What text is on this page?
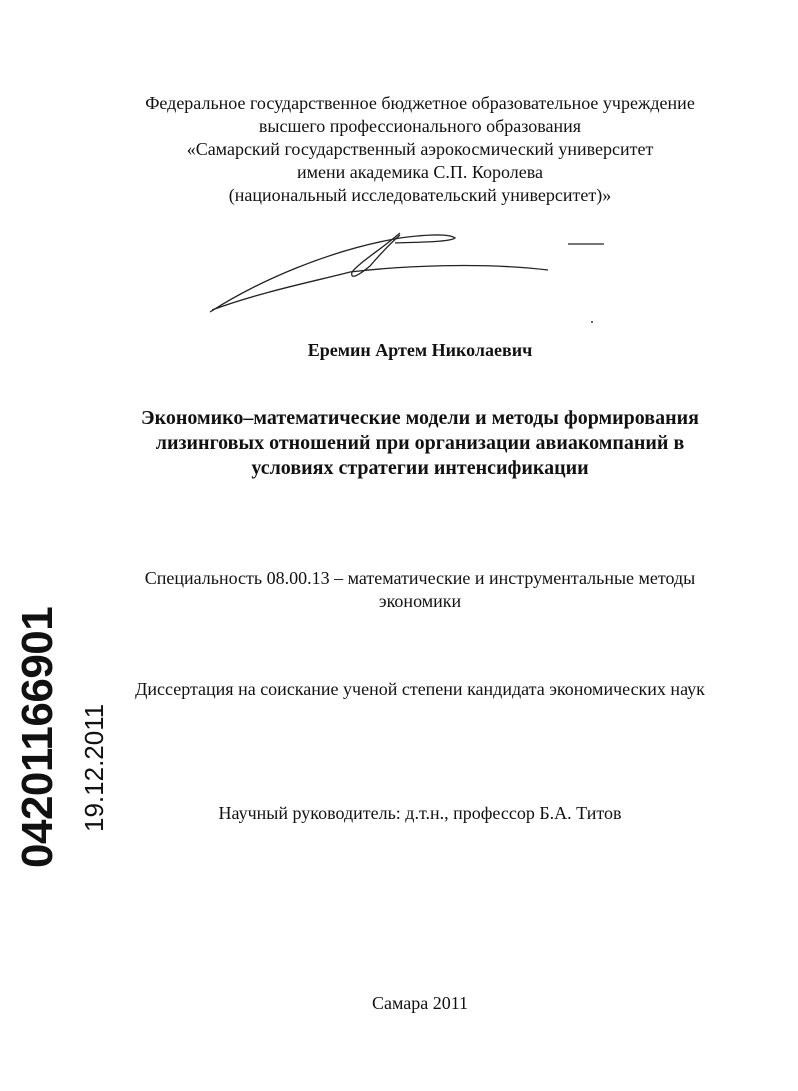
Федеральное государственное бюджетное образовательное учреждение
высшего профессионального образования
«Самарский государственный аэрокосмический университет
имени академика С.П. Королева
(национальный исследовательский университет)»
Еремин Артем Николаевич
Экономико–математические модели и методы формирования
лизинговых отношений при организации авиакомпаний в
условиях стратегии интенсификации
Специальность 08.00.13 – математические и инструментальные методы
экономики
Диссертация на соискание ученой степени кандидата экономических наук
Научный руководитель: д.т.н., профессор Б.А. Титов
Самара 2011
04201166901 19.12.2011
